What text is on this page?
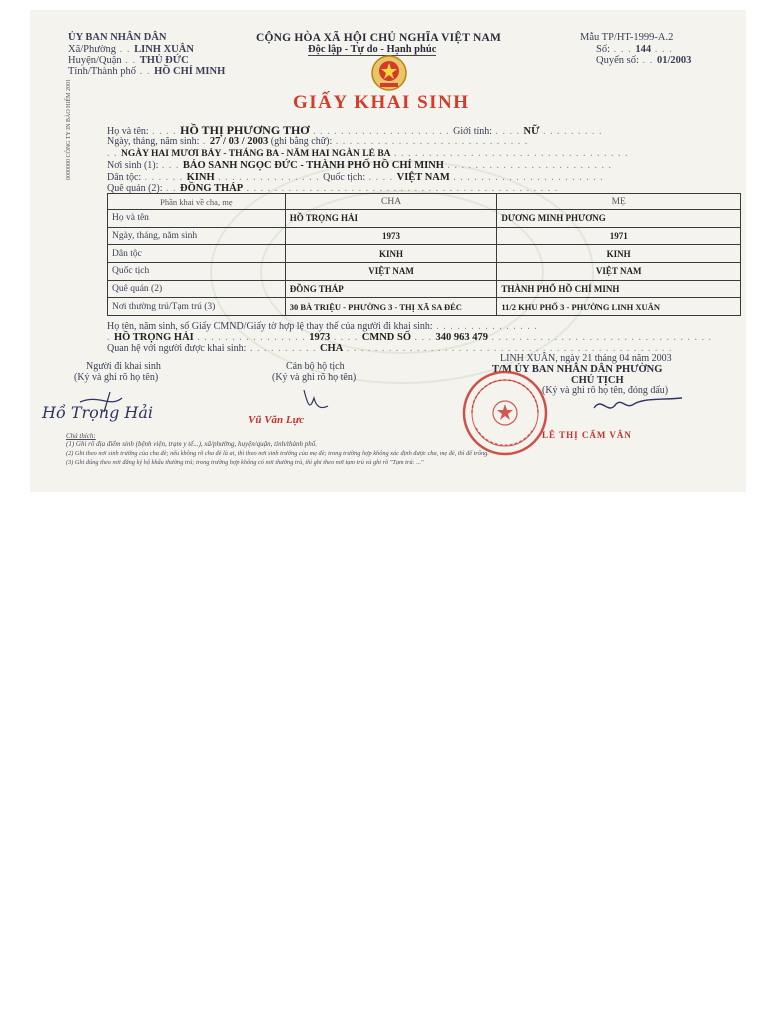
ỦY BAN NHÂN DÂN
Xã/Phường . . LINH XUÂN
Huyện/Quận . . THỦ ĐỨC
Tỉnh/Thành phố . . HỒ CHÍ MINH
CỘNG HÒA XÃ HỘI CHỦ NGHĨA VIỆT NAM
Độc lập - Tự do - Hạnh phúc
Mẫu TP/HT-1999-A.2
Số: . . . 144 . . .
Quyển số: . . 01/2003
GIẤY KHAI SINH
0000000 CÔNG TY IN BẢO HIỂM 2001	Họ và tên: . . . . HỒ THỊ PHƯƠNG THƠ . . . . . . . . . . . . . . . . . . . . Giới tính: . . . . NỮ . . . . . . . . .
Ngày, tháng, năm sinh: . 27 / 03 / 2003 (ghi bằng chữ): . . . . . . . . . . . . . . . . . . . . . . . . . . . .
. . NGÀY HAI MƯƠI BẢY - THÁNG BA - NĂM HAI NGÀN LẺ BA . . . . . . . . . . . . . . . . . . . . . . . . . . . . . . . . . .
Nơi sinh (1): . . . BẢO SANH NGỌC ĐỨC - THÀNH PHỐ HỒ CHÍ MINH . . . . . . . . . . . . . . . . . . . . . . . .
Dân tộc: . . . . . . KINH . . . . . . . . . . . . . . . Quốc tịch: . . . . VIỆT NAM . . . . . . . . . . . . . . . . . . . . . .
Quê quán (2): . . ĐỒNG THÁP . . . . . . . . . . . . . . . . . . . . . . . . . . . . . . . . . . . . . . . . . . . . .
Phần khai về cha, mẹ	CHA	MẸ
Họ và tên	HỒ TRỌNG HẢI	DƯƠNG MINH PHƯƠNG
Ngày, tháng, năm sinh	1973	1971
Dân tộc	KINH	KINH
Quốc tịch	VIỆT NAM	VIỆT NAM
Quê quán (2)	ĐỒNG THÁP	THÀNH PHỐ HỒ CHÍ MINH
Nơi thường trú/Tạm trú (3)	30 BÀ TRIỆU - PHƯỜNG 3 - THỊ XÃ SA ĐÉC	11/2 KHU PHỐ 3 - PHƯỜNG LINH XUÂN
Họ tên, năm sinh, số Giấy CMND/Giấy tờ hợp lệ thay thế của người đi khai sinh: . . . . . . . . . . . . . . .
. HỒ TRỌNG HẢI . . . . . . . . . . . . . . . . 1973 . . . . CMND SỐ . . . 340 963 479 . . . . . . . . . . . . . . . . . . . . . . . . . . . . . . . .
Quan hệ với người được khai sinh: . . . . . . . . . . CHA . . . . . . . . . . . . . . . . . . . . . . . . . . . . . . . . . . . . . . . . . . . . . . .
Người đi khai sinh
(Ký và ghi rõ họ tên)
Hồ Trọng Hải
Cán bộ hộ tịch
(Ký và ghi rõ họ tên)
Vũ Văn Lực
LINH XUÂN, ngày 21 tháng 04 năm 2003
T/M ỦY BAN NHÂN DÂN PHƯỜNG
CHỦ TỊCH
(Ký và ghi rõ họ tên, đóng dấu)
LÊ THỊ CẨM VÂN
Chú thích:
(1) Ghi rõ địa điểm sinh (bệnh viện, trạm y tế...), xã/phường, huyện/quận, tỉnh/thành phố.
(2) Ghi theo nơi sinh trưởng của cha đẻ; nếu không rõ cha đẻ là ai, thì theo nơi sinh trưởng của mẹ đẻ; trong trường hợp không xác định được cha, mẹ đẻ, thì để trống.
(3) Ghi đúng theo nơi đăng ký hộ khẩu thường trú; trong trường hợp không có nơi thường trú, thì ghi theo nơi tạm trú và ghi rõ "Tạm trú: ..."
